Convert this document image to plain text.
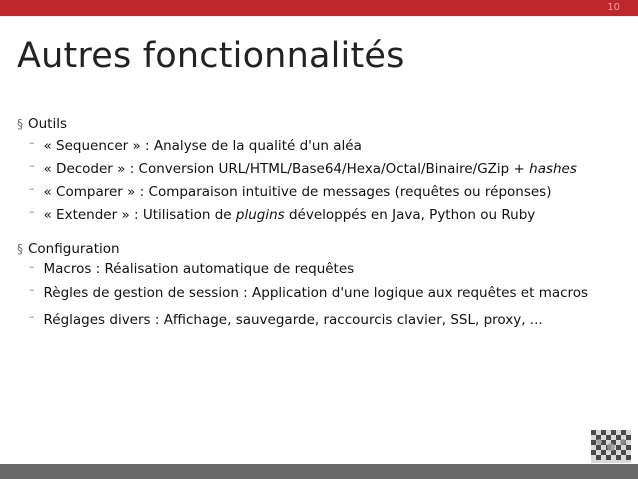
10
Autres fonctionnalités
§ Outils
– « Sequencer » : Analyse de la qualité d'un aléa
– « Decoder » : Conversion URL/HTML/Base64/Hexa/Octal/Binaire/GZip + hashes
– « Comparer » : Comparaison intuitive de messages (requêtes ou réponses)
– « Extender » : Utilisation de plugins développés en Java, Python ou Ruby
§ Configuration
– Macros : Réalisation automatique de requêtes
– Règles de gestion de session : Application d'une logique aux requêtes et macros
– Réglages divers : Affichage, sauvegarde, raccourcis clavier, SSL, proxy, ...
